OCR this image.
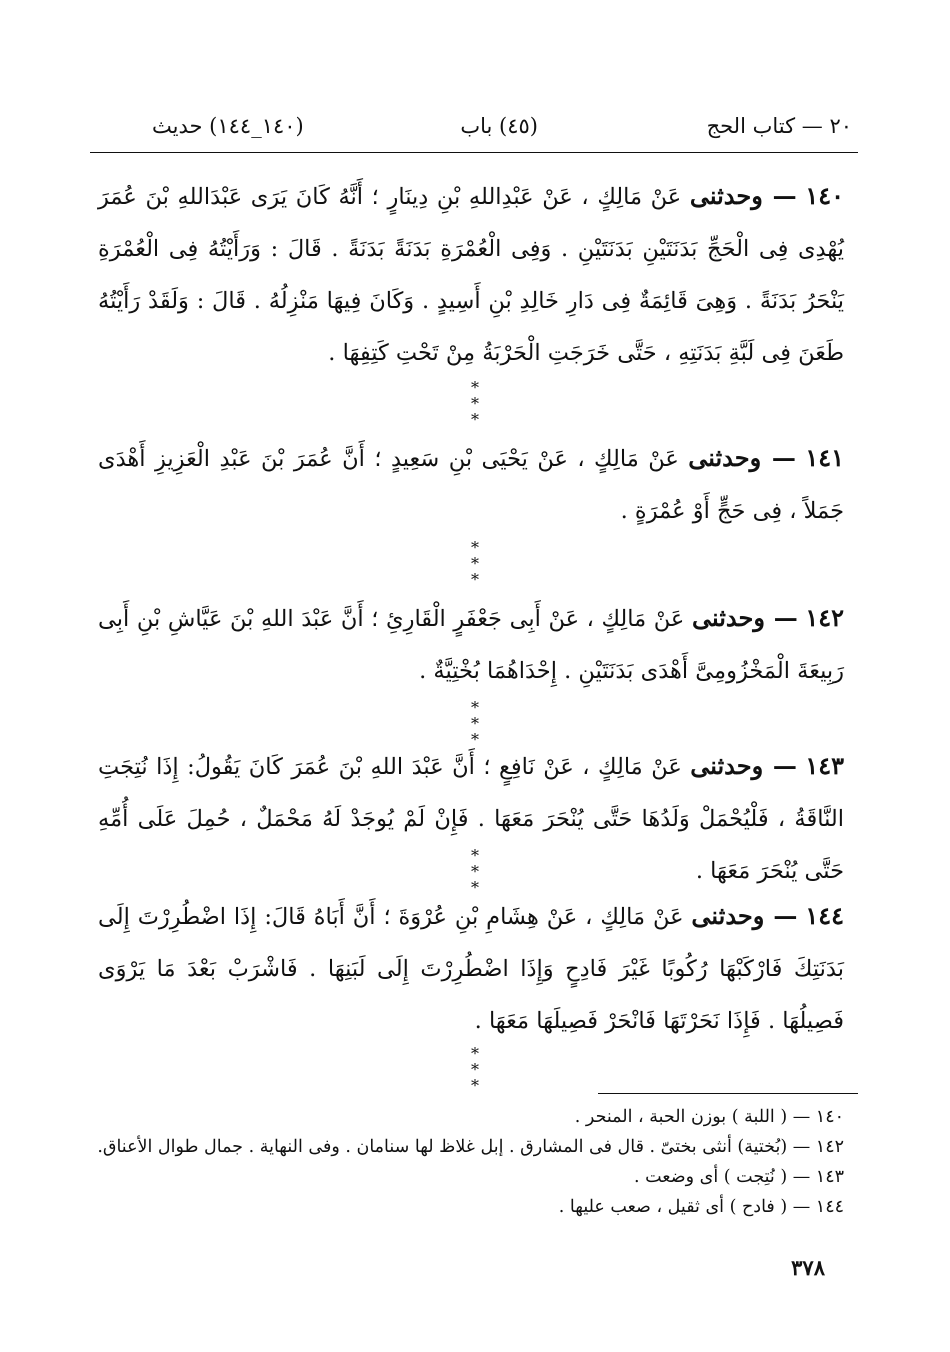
٢٠ — كتاب الحج
(٤٥) باب
(١٤٠_١٤٤) حديث
١٤٠ — وحدثنى عَنْ مَالِكٍ ، عَنْ عَبْدِاللهِ بْنِ دِينَارٍ ؛ أَنَّهُ كَانَ يَرَى عَبْدَاللهِ بْنَ عُمَرَ يُهْدِى فِى الْحَجِّ بَدَنَتَيْنِ بَدَنَتَيْنِ . وَفِى الْعُمْرَةِ بَدَنَةً بَدَنَةً . قَالَ : وَرَأَيْتُهُ فِى الْعُمْرَةِ يَنْحَرُ بَدَنَةً . وَهِىَ قَائِمَةٌ فِى دَارِ خَالِدِ بْنِ أَسِيدٍ . وَكَانَ فِيهَا مَنْزِلُهُ . قَالَ : وَلَقَدْ رَأَيْتُهُ طَعَنَ فِى لَبَّةِ بَدَنَتِهِ ، حَتَّى خَرَجَتِ الْحَرْبَةُ مِنْ تَحْتِ كَتِفِهَا .
*
* *
١٤١ — وحدثنى عَنْ مَالِكٍ ، عَنْ يَحْيَى بْنِ سَعِيدٍ ؛ أَنَّ عُمَرَ بْنَ عَبْدِ الْعَزِيزِ أَهْدَى جَمَلاً ، فِى حَجٍّ أَوْ عُمْرَةٍ .
*
* *
١٤٢ — وحدثنى عَنْ مَالِكٍ ، عَنْ أَبِى جَعْفَرٍ الْقَارِئِ ؛ أَنَّ عَبْدَ اللهِ بْنَ عَيَّاشِ بْنِ أَبِى رَبِيعَةَ الْمَخْزُومِىَّ أَهْدَى بَدَنَتَيْنِ . إِحْدَاهُمَا بُخْتِيَّةٌ .
*
* *
١٤٣ — وحدثنى عَنْ مَالِكٍ ، عَنْ نَافِعٍ ؛ أَنَّ عَبْدَ اللهِ بْنَ عُمَرَ كَانَ يَقُولُ: إِذَا نُتِجَتِ النَّاقَةُ ، فَلْيُحْمَلْ وَلَدُهَا حَتَّى يُنْحَرَ مَعَهَا . فَإِنْ لَمْ يُوجَدْ لَهُ مَحْمَلٌ ، حُمِلَ عَلَى أُمِّهِ حَتَّى يُنْحَرَ مَعَهَا .
*
* *
١٤٤ — وحدثنى عَنْ مَالِكٍ ، عَنْ هِشَامِ بْنِ عُرْوَةَ ؛ أَنَّ أَبَاهُ قَالَ: إِذَا اضْطُرِرْتَ إِلَى بَدَنَتِكَ فَارْكَبْهَا رُكُوبًا غَيْرَ فَادِحٍ وَإِذَا اضْطُرِرْتَ إِلَى لَبَنِهَا . فَاشْرَبْ بَعْدَ مَا يَرْوَى فَصِيلُهَا . فَإِذَا نَحَرْتَهَا فَانْحَرْ فَصِيلَهَا مَعَهَا .
*
* *
١٤٠ — ( اللبة ) بوزن الحبة ، المنحر .
١٤٢ — (بُختية) أنثى بختىّ . قال فى المشارق . إبل غلاظ لها سنامان . وفى النهاية . جمال طوال الأعناق.
١٤٣ — ( نُتِجت ) أى وضعت .
١٤٤ — ( فادح ) أى ثقيل ، صعب عليها .
٣٧٨
